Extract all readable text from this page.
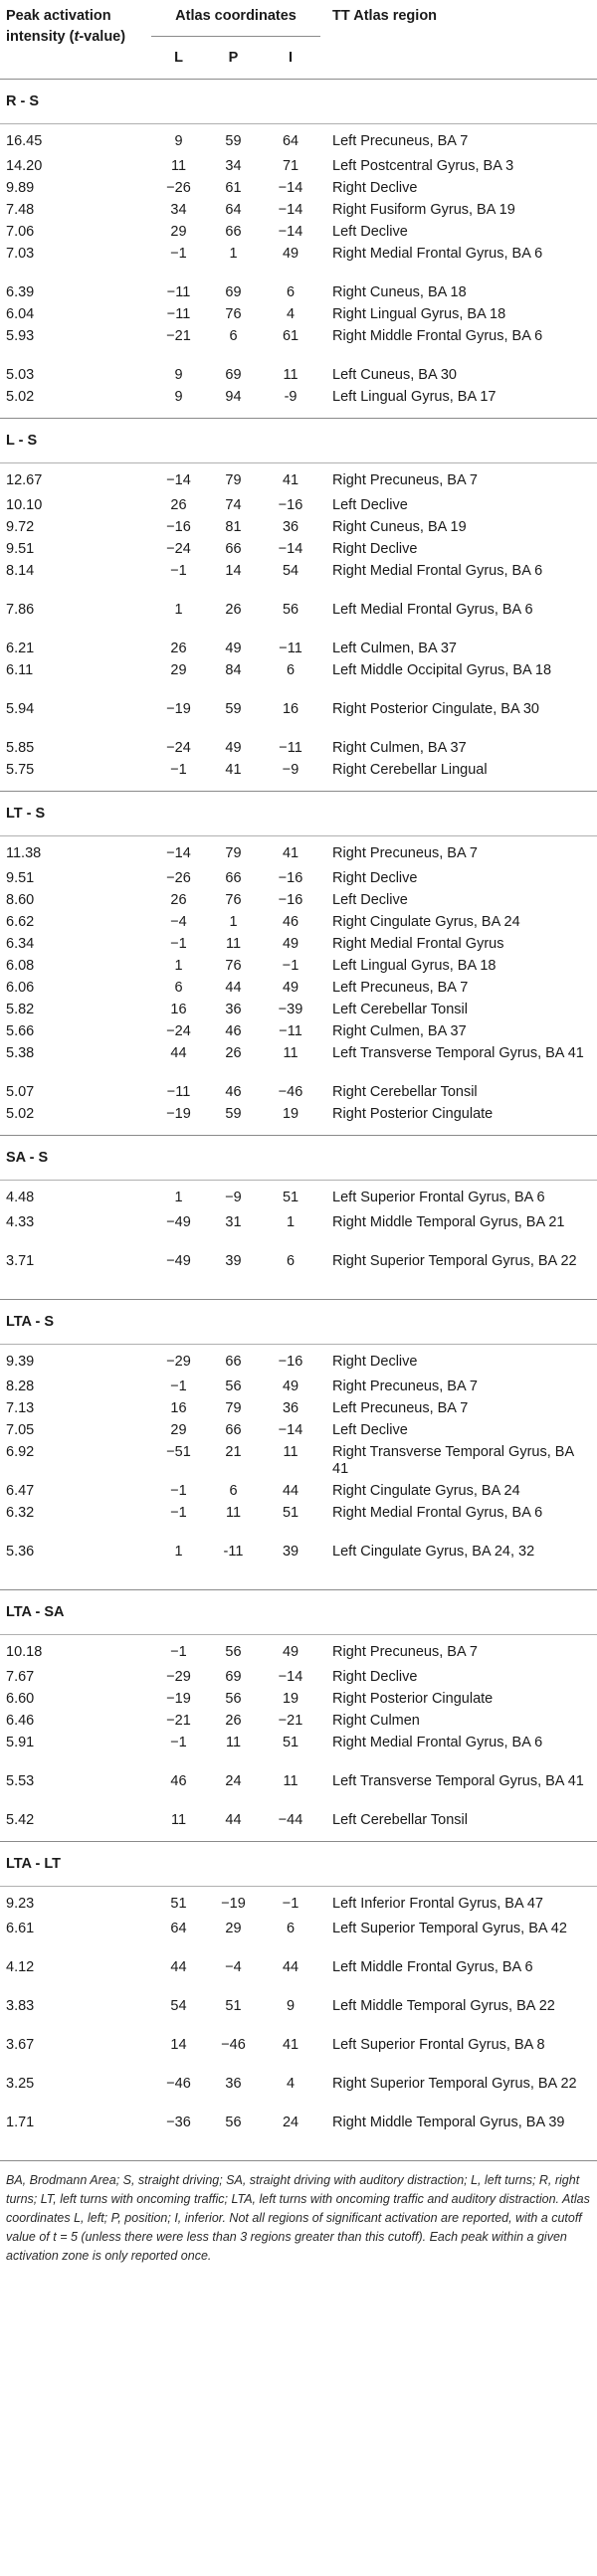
Peak activation
intensity (t-value)	Atlas coordinates			TT Atlas region
	L	P	I	
R - S				
16.45	9	59	64	Left Precuneus, BA 7
14.20	11	34	71	Left Postcentral Gyrus, BA 3
9.89	−26	61	−14	Right Declive
7.48	34	64	−14	Right Fusiform Gyrus, BA 19
7.06	29	66	−14	Left Declive
7.03	−1	1	49	Right Medial Frontal Gyrus, BA 6
6.39	−11	69	6	Right Cuneus, BA 18
6.04	−11	76	4	Right Lingual Gyrus, BA 18
5.93	−21	6	61	Right Middle Frontal Gyrus, BA 6
5.03	9	69	11	Left Cuneus, BA 30
5.02	9	94	-9	Left Lingual Gyrus, BA 17
L - S				
12.67	−14	79	41	Right Precuneus, BA 7
10.10	26	74	−16	Left Declive
9.72	−16	81	36	Right Cuneus, BA 19
9.51	−24	66	−14	Right Declive
8.14	−1	14	54	Right Medial Frontal Gyrus, BA 6
7.86	1	26	56	Left Medial Frontal Gyrus, BA 6
6.21	26	49	−11	Left Culmen, BA 37
6.11	29	84	6	Left Middle Occipital Gyrus, BA 18
5.94	−19	59	16	Right Posterior Cingulate, BA 30
5.85	−24	49	−11	Right Culmen, BA 37
5.75	−1	41	−9	Right Cerebellar Lingual
LT - S				
11.38	−14	79	41	Right Precuneus, BA 7
9.51	−26	66	−16	Right Declive
8.60	26	76	−16	Left Declive
6.62	−4	1	46	Right Cingulate Gyrus, BA 24
6.34	−1	11	49	Right Medial Frontal Gyrus
6.08	1	76	−1	Left Lingual Gyrus, BA 18
6.06	6	44	49	Left Precuneus, BA 7
5.82	16	36	−39	Left Cerebellar Tonsil
5.66	−24	46	−11	Right Culmen, BA 37
5.38	44	26	11	Left Transverse Temporal Gyrus, BA 41
5.07	−11	46	−46	Right Cerebellar Tonsil
5.02	−19	59	19	Right Posterior Cingulate
SA - S				
4.48	1	−9	51	Left Superior Frontal Gyrus, BA 6
4.33	−49	31	1	Right Middle Temporal Gyrus, BA 21
3.71	−49	39	6	Right Superior Temporal Gyrus, BA 22
LTA - S				
9.39	−29	66	−16	Right Declive
8.28	−1	56	49	Right Precuneus, BA 7
7.13	16	79	36	Left Precuneus, BA 7
7.05	29	66	−14	Left Declive
6.92	−51	21	11	Right Transverse Temporal Gyrus, BA 41
6.47	−1	6	44	Right Cingulate Gyrus, BA 24
6.32	−1	11	51	Right Medial Frontal Gyrus, BA 6
5.36	1	-11	39	Left Cingulate Gyrus, BA 24, 32
LTA - SA				
10.18	−1	56	49	Right Precuneus, BA 7
7.67	−29	69	−14	Right Declive
6.60	−19	56	19	Right Posterior Cingulate
6.46	−21	26	−21	Right Culmen
5.91	−1	11	51	Right Medial Frontal Gyrus, BA 6
5.53	46	24	11	Left Transverse Temporal Gyrus, BA 41
5.42	11	44	−44	Left Cerebellar Tonsil
LTA - LT				
9.23	51	−19	−1	Left Inferior Frontal Gyrus, BA 47
6.61	64	29	6	Left Superior Temporal Gyrus, BA 42
4.12	44	−4	44	Left Middle Frontal Gyrus, BA 6
3.83	54	51	9	Left Middle Temporal Gyrus, BA 22
3.67	14	−46	41	Left Superior Frontal Gyrus, BA 8
3.25	−46	36	4	Right Superior Temporal Gyrus, BA 22
1.71	−36	56	24	Right Middle Temporal Gyrus, BA 39
BA, Brodmann Area; S, straight driving; SA, straight driving with auditory distraction; L, left turns; R, right turns; LT, left turns with oncoming traffic; LTA, left turns with oncoming traffic and auditory distraction. Atlas coordinates L, left; P, position; I, inferior. Not all regions of significant activation are reported, with a cutoff value of t = 5 (unless there were less than 3 regions greater than this cutoff). Each peak within a given activation zone is only reported once.
